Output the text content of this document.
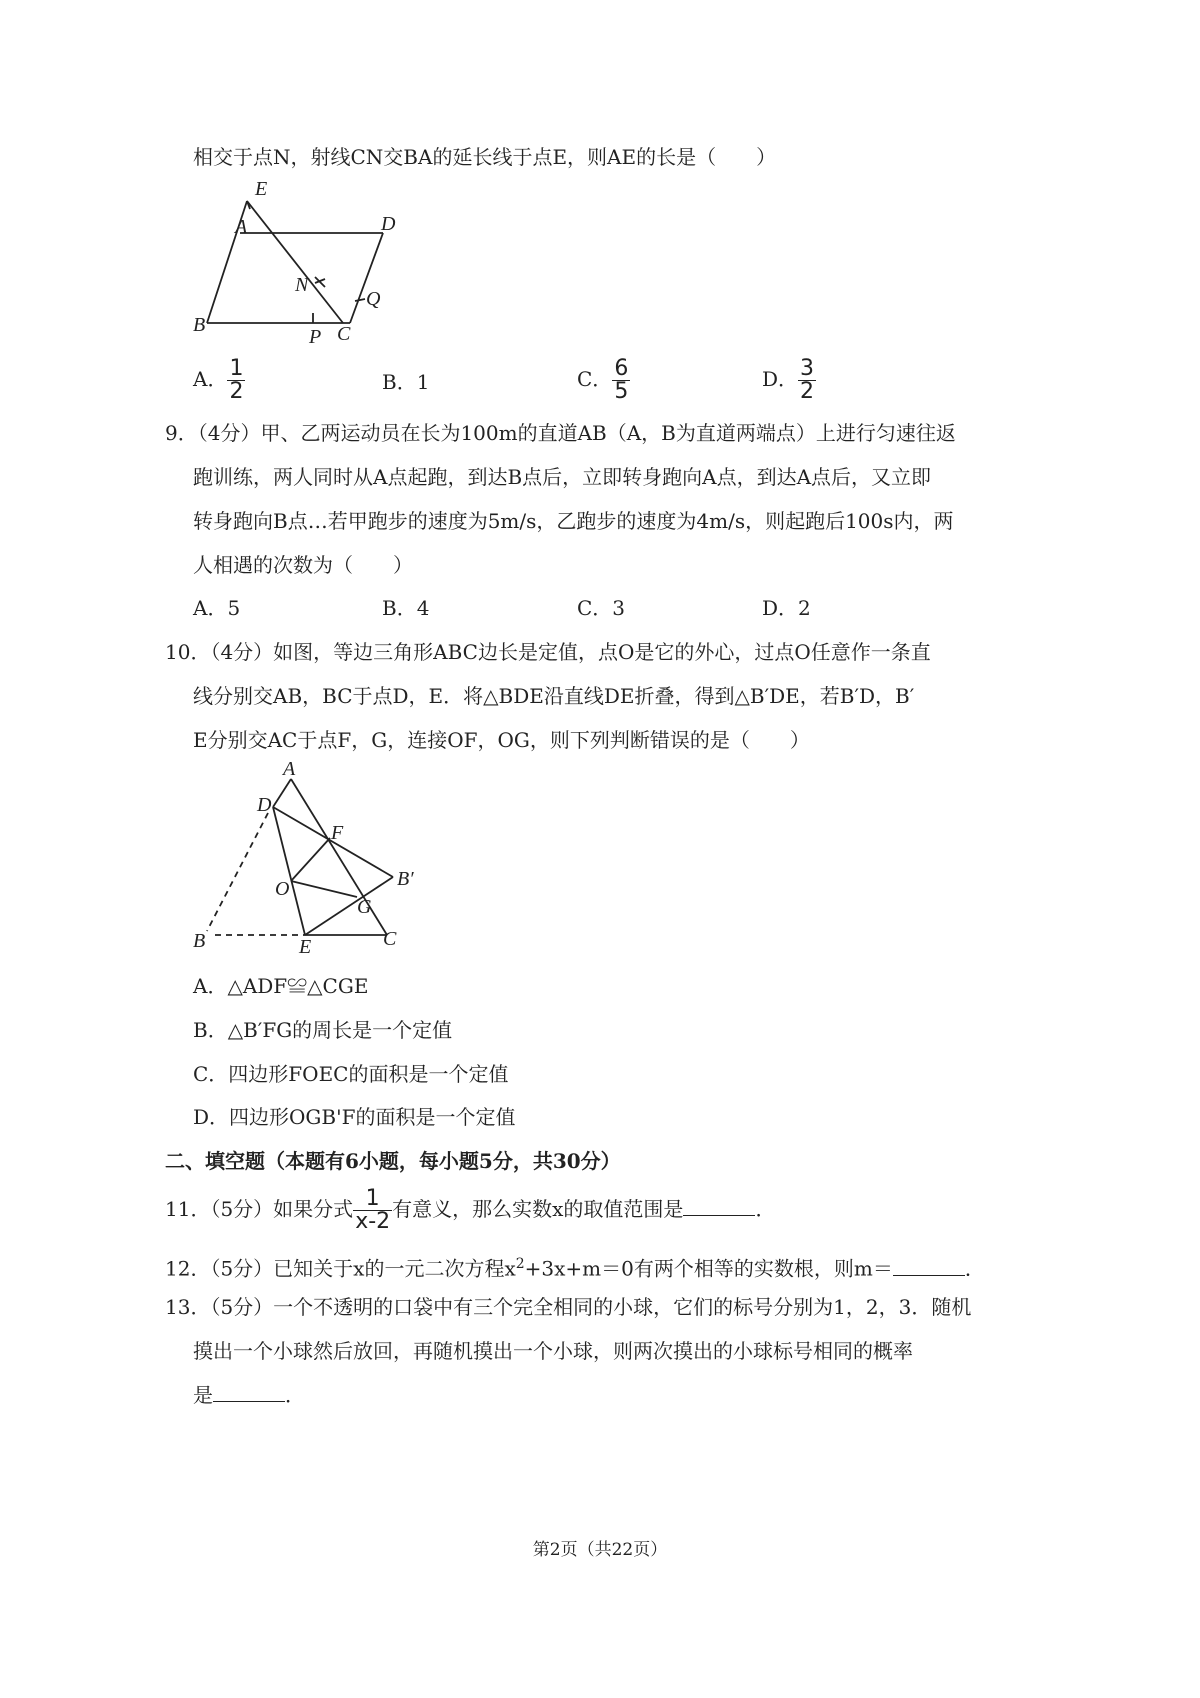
相交于点N，射线CN交BA的延长线于点E，则AE的长是（　　）
E
A	D
N
Q
B
P C
A． $\frac{1}{2}$	B．1	C． $\frac{6}{5}$	D． $\frac{3}{2}$
9．（4分）甲、乙两运动员在长为100m的直道AB（A，B为直道两端点）上进行匀速往返
跑训练，两人同时从A点起跑，到达B点后，立即转身跑向A点，到达A点后，又立即
转身跑向B点…若甲跑步的速度为5m/s，乙跑步的速度为4m/s，则起跑后100s内，两
人相遇的次数为（　　）
A．5	B．4	C．3	D．2
10．（4分）如图，等边三角形ABC边长是定值，点O是它的外心，过点O任意作一条直
线分别交AB，BC于点D，E．将△BDE沿直线DE折叠，得到△B′DE，若B′D，B′
E分别交AC于点F，G，连接OF，OG，则下列判断错误的是（　　）
A
D
F
B′
O
G
B	E	C
A．△ADF≌△CGE
B．△B′FG的周长是一个定值
C．四边形FOEC的面积是一个定值
D．四边形OGB'F的面积是一个定值
二、填空题（本题有6小题，每小题5分，共30分）
11．（5分）如果分式 $\frac{1}{x-2}$ 有意义，那么实数x的取值范围是	．
12．（5分）已知关于x的一元二次方程$x^2+3x+m=0$有两个相等的实数根，则m＝	．
13．（5分）一个不透明的口袋中有三个完全相同的小球，它们的标号分别为1，2，3．随机
摸出一个小球然后放回，再随机摸出一个小球，则两次摸出的小球标号相同的概率
是	．
第2页（共22页）
